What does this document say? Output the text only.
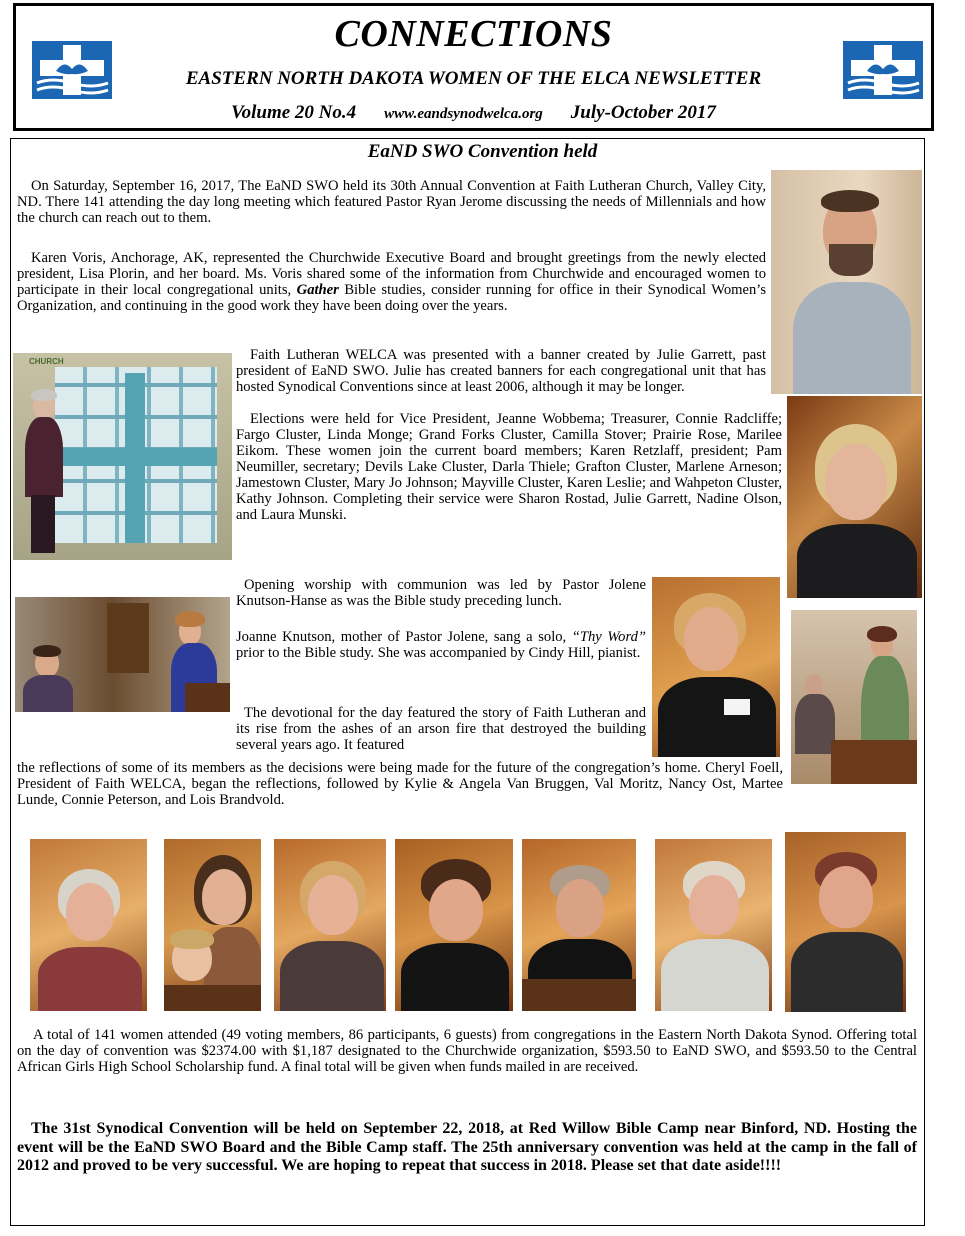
CONNECTIONS
EASTERN NORTH DAKOTA WOMEN OF THE ELCA NEWSLETTER
Volume 20 No.4 www.eandsynodwelca.org July-October 2017
EaND SWO Convention held
CHURCH

On Saturday, September 16, 2017, The EaND SWO held its 30th Annual Convention at Faith Lutheran Church, Valley City, ND. There 141 attending the day long meeting which featured Pastor Ryan Jerome discussing the needs of Millennials and how the church can reach out to them.

Karen Voris, Anchorage, AK, represented the Churchwide Executive Board and brought greetings from the newly elected president, Lisa Plorin, and her board. Ms. Voris shared some of the information from Churchwide and encouraged women to participate in their local congregational units, Gather Bible studies, consider running for office in their Synodical Women’s Organization, and continuing in the good work they have been doing over the years.

Faith Lutheran WELCA was presented with a banner created by Julie Garrett, past president of EaND SWO. Julie has created banners for each congregational unit that has hosted Synodical Conventions since at least 2006, although it may be longer.

Elections were held for Vice President, Jeanne Wobbema; Treasurer, Connie Radcliffe; Fargo Cluster, Linda Monge; Grand Forks Cluster, Camilla Stover; Prairie Rose, Marilee Eikom. These women join the current board members; Karen Retzlaff, president; Pam Neumiller, secretary; Devils Lake Cluster, Darla Thiele; Grafton Cluster, Marlene Arneson; Jamestown Cluster, Mary Jo Johnson; Mayville Cluster, Karen Leslie; and Wahpeton Cluster, Kathy Johnson. Completing their service were Sharon Rostad, Julie Garrett, Nadine Olson, and Laura Munski.

Opening worship with communion was led by Pastor Jolene Knutson-Hanse as was the Bible study preceding lunch.

Joanne Knutson, mother of Pastor Jolene, sang a solo, “Thy Word” prior to the Bible study. She was accompanied by Cindy Hill, pianist.

The devotional for the day featured the story of Faith Lutheran and its rise from the ashes of an arson fire that destroyed the building several years ago. It featured

the reflections of some of its members as the decisions were being made for the future of the congregation’s home. Cheryl Foell, President of Faith WELCA, began the reflections, followed by Kylie & Angela Van Bruggen, Val Moritz, Nancy Ost, Martee Lunde, Connie Peterson, and Lois Brandvold.

A total of 141 women attended (49 voting members, 86 participants, 6 guests) from congregations in the Eastern North Dakota Synod. Offering total on the day of convention was $2374.00 with $1,187 designated to the Churchwide organization, $593.50 to EaND SWO, and $593.50 to the Central African Girls High School Scholarship fund. A final total will be given when funds mailed in are received.

The 31st Synodical Convention will be held on September 22, 2018, at Red Willow Bible Camp near Binford, ND. Hosting the event will be the EaND SWO Board and the Bible Camp staff. The 25th anniversary convention was held at the camp in the fall of 2012 and proved to be very successful. We are hoping to repeat that success in 2018. Please set that date aside!!!!
